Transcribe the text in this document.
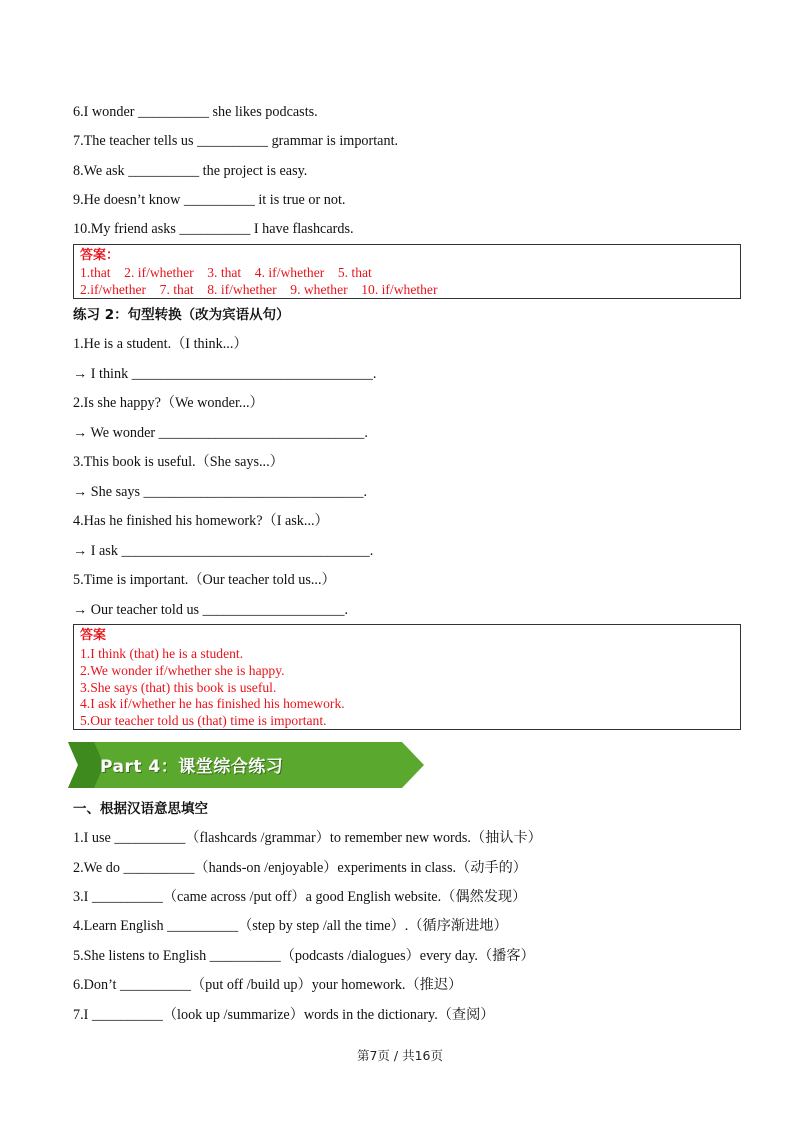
6.I wonder __________ she likes podcasts.
7.The teacher tells us __________ grammar is important.
8.We ask __________ the project is easy.
9.He doesn’t know __________ it is true or not.
10.My friend asks __________ I have flashcards.
答案：
1.that    2. if/whether    3. that    4. if/whether    5. that
2.if/whether    7. that    8. if/whether    9. whether    10. if/whether
练习 2：句型转换（改为宾语从句）
1.He is a student.（I think...）
→ I think __________________________________.
2.Is she happy?（We wonder...）
→ We wonder _____________________________.
3.This book is useful.（She says...）
→ She says _______________________________.
4.Has he finished his homework?（I ask...）
→ I ask ___________________________________.
5.Time is important.（Our teacher told us...）
→ Our teacher told us ____________________.
答案
1.I think (that) he is a student.
2.We wonder if/whether she is happy.
3.She says (that) this book is useful.
4.I ask if/whether he has finished his homework.
5.Our teacher told us (that) time is important.
Part 4：课堂综合练习
一、根据汉语意思填空
1.I use __________（flashcards /grammar）to remember new words.（抽认卡）
2.We do __________（hands-on /enjoyable）experiments in class.（动手的）
3.I __________（came across /put off）a good English website.（偶然发现）
4.Learn English __________（step by step /all the time）.（循序渐进地）
5.She listens to English __________（podcasts /dialogues）every day.（播客）
6.Don’t __________（put off /build up）your homework.（推迟）
7.I __________（look up /summarize）words in the dictionary.（查阅）
第7页 / 共16页
